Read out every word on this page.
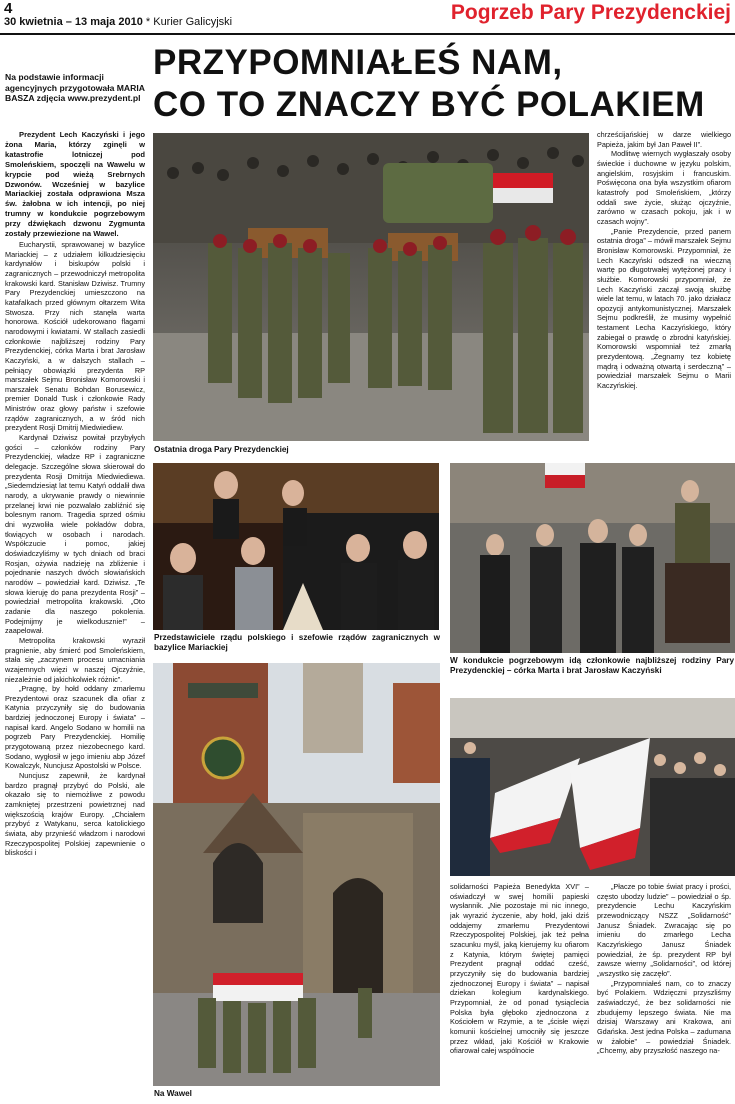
4
30 kwietnia – 13 maja 2010 * Kurier Galicyjski	Pogrzeb Pary Prezydenckiej
Na podstawie informacji agencyjnych przygotowała MARIA BASZA zdjęcia www.prezydent.pl
PRZYPOMNIAŁEŚ NAM,
CO TO ZNACZY BYĆ POLAKIEM

Prezydent Lech Kaczyński i jego żona Maria, którzy zginęli w katastrofie lotniczej pod Smoleńskiem, spoczęli na Wawelu w krypcie pod wieżą Srebrnych Dzwonów. Wcześniej w bazylice Mariackiej została odprawiona Msza św. żałobna w ich intencji, po niej trumny w kondukcie pogrzebowym przy dźwiękach dzwonu Zygmunta zostały przewiezione na Wawel.

Eucharystii, sprawowanej w bazylice Mariackiej – z udziałem kilkudziesięciu kardynałów i biskupów polski i zagranicznych – przewodniczył metropolita krakowski kard. Stanisław Dziwisz. Trumny Pary Prezydenckiej umieszczono na katafalkach przed głównym ołtarzem Wita Stwosza. Przy nich stanęła warta honorowa. Kościół udekorowano flagami narodowymi i kwiatami. W stallach zasiedli członkowie najbliższej rodziny Pary Prezydenckiej, córka Marta i brat Jarosław Kaczyński, a w dalszych stallach – pełniący obowiązki prezydenta RP marszałek Sejmu Bronisław Komorowski i marszałek Senatu Bohdan Borusewicz, premier Donald Tusk i członkowie Rady Ministrów oraz głowy państw i szefowie rządów zagranicznych, a w śród nich prezydent Rosji Dmitrij Miedwiediew.

Kardynał Dziwisz powitał przybyłych gości – członków rodziny Pary Prezydenckiej, władze RP i zagraniczne delegacje. Szczególne słowa skierował do prezydenta Rosji Dmitrija Miedwiediewa. „Siedemdziesiąt lat temu Katyń oddalił dwa narody, a ukrywanie prawdy o niewinnie przelanej krwi nie pozwalało zabliźnić się bolesnym ranom. Tragedia sprzed ośmiu dni wyzwoliła wiele pokładów dobra, tkwiących w osobach i narodach. Współczucie i pomoc, jakiej doświadczyliśmy w tych dniach od braci Rosjan, ożywia nadzieję na zbliżenie i pojednanie naszych dwóch słowiańskich narodów – powiedział kard. Dziwisz. „Te słowa kieruję do pana prezydenta Rosji” – powiedział metropolita krakowski. „Oto zadanie dla naszego pokolenia. Podejmijmy je wielkodusznie!” – zaapelował.

Metropolita krakowski wyraził pragnienie, aby śmierć pod Smoleńskiem, stała się „zaczynem procesu umacniania wzajemnych więzi w naszej Ojczyźnie, niezależnie od jakichkolwiek różnic”.

„Pragnę, by hołd oddany zmarłemu Prezydentowi oraz szacunek dla ofiar z Katynia przyczyniły się do budowania bardziej jednoczonej Europy i świata” – napisał kard. Angelo Sodano w homilii na pogrzeb Pary Prezydenckiej. Homilię przygotowaną przez niezobecnego kard. Sodano, wygłosił w jego imieniu abp Józef Kowalczyk, Nuncjusz Apostolski w Polsce.

Nuncjusz zapewnił, że kardynał bardzo pragnął przybyć do Polski, ale okazało się to niemożliwe z powodu zamkniętej przestrzeni powietrznej nad większością krajów Europy. „Chciałem przybyć z Watykanu, serca katolickiego świata, aby przynieść władzom i narodowi Rzeczypospolitej Polskiej zapewnienie o bliskości i

Ostatnia droga Pary Prezydenckiej

chrześcijańskiej w darze wielkiego Papieża, jakim był Jan Paweł II”.

Modlitwę wiernych wygłaszały osoby świeckie i duchowne w języku polskim, angielskim, rosyjskim i francuskim. Poświęcona ona była wszystkim ofiarom katastrofy pod Smoleńskiem, „którzy oddali swe życie, służąc ojczyźnie, zarówno w czasach pokoju, jak i w czasach wojny”.

„Panie Prezydencie, przed panem ostatnia droga” – mówił marszałek Sejmu Bronisław Komorowski. Przypomniał, że Lech Kaczyński odszedł na wieczną wartę po długotrwałej wytężonej pracy i służbie. Komorowski przypomniał, że Lech Kaczyński zaczął swoją służbę wiele lat temu, w latach 70. jako działacz opozycji antykomunistycznej. Marszałek Sejmu podkreślił, że musimy wypełnić testament Lecha Kaczyńskiego, który zabiegał o prawdę o zbrodni katyńskiej. Komorowski wspomniał też zmarłą prezydentową. „Żegnamy tez kobietę mądrą i odważną otwartą i serdeczną” – powiedział marszałek Sejmu o Marii Kaczyńskiej.

Przedstawiciele rządu polskiego i szefowie rządów zagranicznych w bazylice Mariackiej
W kondukcie pogrzebowym idą członkowie najbliższej rodziny Pary Prezydenckiej – córka Marta i brat Jarosław Kaczyński
Na Wawel

solidarności Papieża Benedykta XVI” – oświadczył w swej homilii papieski wysłannik. „Nie pozostaje mi nic innego, jak wyrazić życzenie, aby hołd, jaki dziś oddajemy zmarłemu Prezydentowi Rzeczypospolitej Polskiej, jak też pełna szacunku myśl, jaką kierujemy ku ofiarom z Katynia, którym świętej pamięci Prezydent pragnął oddać cześć, przyczyniły się do budowania bardziej zjednoczonej Europy i świata” – napisał dziekan kolegium kardynalskiego. Przypomniał, że od ponad tysiąclecia Polska była głęboko zjednoczona z Kościołem w Rzymie, a te „ścisłe więzi komunii kościelnej umocniły się jeszcze przez wkład, jaki Kościół w Krakowie ofiarował całej wspólnocie

„Płacze po tobie świat pracy i prości, często ubodzy ludzie” – powiedział o śp. prezydencie Lechu Kaczyńskim przewodniczący NSZZ „Solidarność” Janusz Śniadek. Zwracając się po imieniu do zmarłego Lecha Kaczyńskiego Janusz Śniadek powiedział, że śp. prezydent RP był zawsze wierny „Solidarności”, od której „wszystko się zaczęło”.

„Przypomniałeś nam, co to znaczy być Polakiem. Wdzięczni przyszliśmy zaświadczyć, że bez solidarności nie zbudujemy lepszego świata. Nie ma dzisiaj Warszawy ani Krakowa, ani Gdańska. Jest jedna Polska – zadumana w żałobie” – powiedział Śniadek. „Chcemy, aby przyszłość naszego na-
